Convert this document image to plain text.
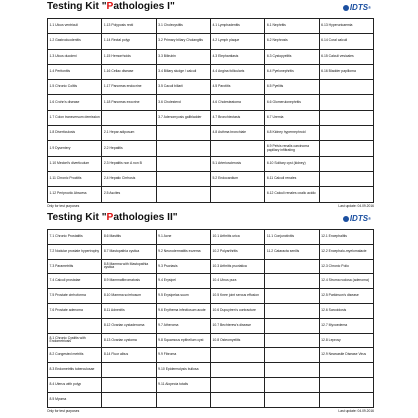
Testing Kit "Pathologies I"	IDTS®
1.1 Ulcus ventriculi	1.13 Polyposis recti	3.1 Cholecystitis	4.1 Lymphadenitis	6.1 Nephritis	6.13 Hyperuricaemia
1.2 Gastroduodenitis	1.14 Rectal polyp	3.2 Primary biliary Cholangitis	4.2 Lymph plaque	6.2 Nephrosis	6.14 Coral calculi
1.3 Ulcus duodeni	1.15 Hemorrhoids	3.3 Bilirubin	4.3 Elephantiasis	6.3 Cystopyelitis	6.15 Calculi vesicales
1.4 Peritonitis	1.16 Celiac disease	3.4 Biliary sludge / calculi	4.4 Angina follicularis	6.4 Pyelonephritis	6.16 Bladder papilloma
1.5 Chronic Colitis	1.17 Pancreas endocrine	3.5 Caculi biliarii	4.5 Parotitis	6.5 Pyelitis	
1.6 Crohn's disease	1.18 Pancreas exocrine	3.6 Cholesterol	4.6 Cholesteatoma	6.6 Glomerulonephritis	
1.7 Colon transversum demission		3.7 Adenomyosis gallbladder	4.7 Bronchiectasis	6.7 Uremia	
1.8 Diverticulosis	2.1 Hepar adiposum		4.8 Asthma bronchiale	6.8 Kidney hypernephroid	
1.9 Dysentery	2.2 Hepatitis			6.9 Pelvis renalis carcinoma papillary infiltrating	
1.10 Meckel's diverticulum	2.3 Hepatitis non A non B		5.1 Arteriosclerosis	6.10 Solitary cyst (kidney)	
1.11 Chronic Proctitis	2.4 Hepatic Cirrhosis		5.2 Endocardium	6.11 Calculi renales	
1.12 Periproctic Abscess	2.5 Ascites			6.12 Calculi renales oxalic acidic	
Only for test purposes	Last update: 04.09.2016
Testing Kit "Pathologies II"	IDTS®
7.1 Chronic Prostatitis	8.6 Mastitis	9.1 Acne	10.1 Arthritis urica	11.1 Conjunctivitis	12.1 Encephalitis
7.2 Nodular prostate hypertrophy	8.7 Mastopathia cystica	9.2 Neurodermatitis eczema	10.2 Polyarthritis	11.2 Cataracta senilis	12.2 Encephalo-myelomalacie
7.3 Parametritis	8.8 Mamma with Mastopathia cystica	9.3 Psoriasis	10.3 Arthritis psoriatica		12.3 Chronic Polio
7.4 Calculi prostatae	8.9 Mammafibromatosis	9.4 Erysipel	10.4 Ulnus pura		12.4 Struma nodosa (adenoma)
7.5 Prostate cirrhoforma	8.10 Mamma scirrhosum	9.5 Erysipelas suum	10.5 Knee joint serous effusion		12.5 Parkinson's disease
7.6 Prostate adenoma	8.11 Adnexitis	9.6 Erythema infectiosum acute	10.6 Dupuytren's contracture		12.6 Sarcoidosis
	8.12 Ovarian cystadenoma	9.7 Atheroma	10.7 Bechterew's disease		12.7 Myxoedema
8.1 Chronic Cystitis with Endometriosis	8.13 Ovarian cystoma	9.8 Squamous epithelium cyst	10.8 Osteomyelitis		12.8 Leprosy
8.2 Congested metritis	8.14 Fluor albus	9.9 Fibroma			12.9 Newcastle Disease Virus
8.3 Endometritis tuberculosae		9.10 Epidermolysis bullosa			
8.4 Uterus with polyp		9.11 Alopecia totalis			
8.5 Myoma					
Only for test purposes	Last update: 04.09.2016
